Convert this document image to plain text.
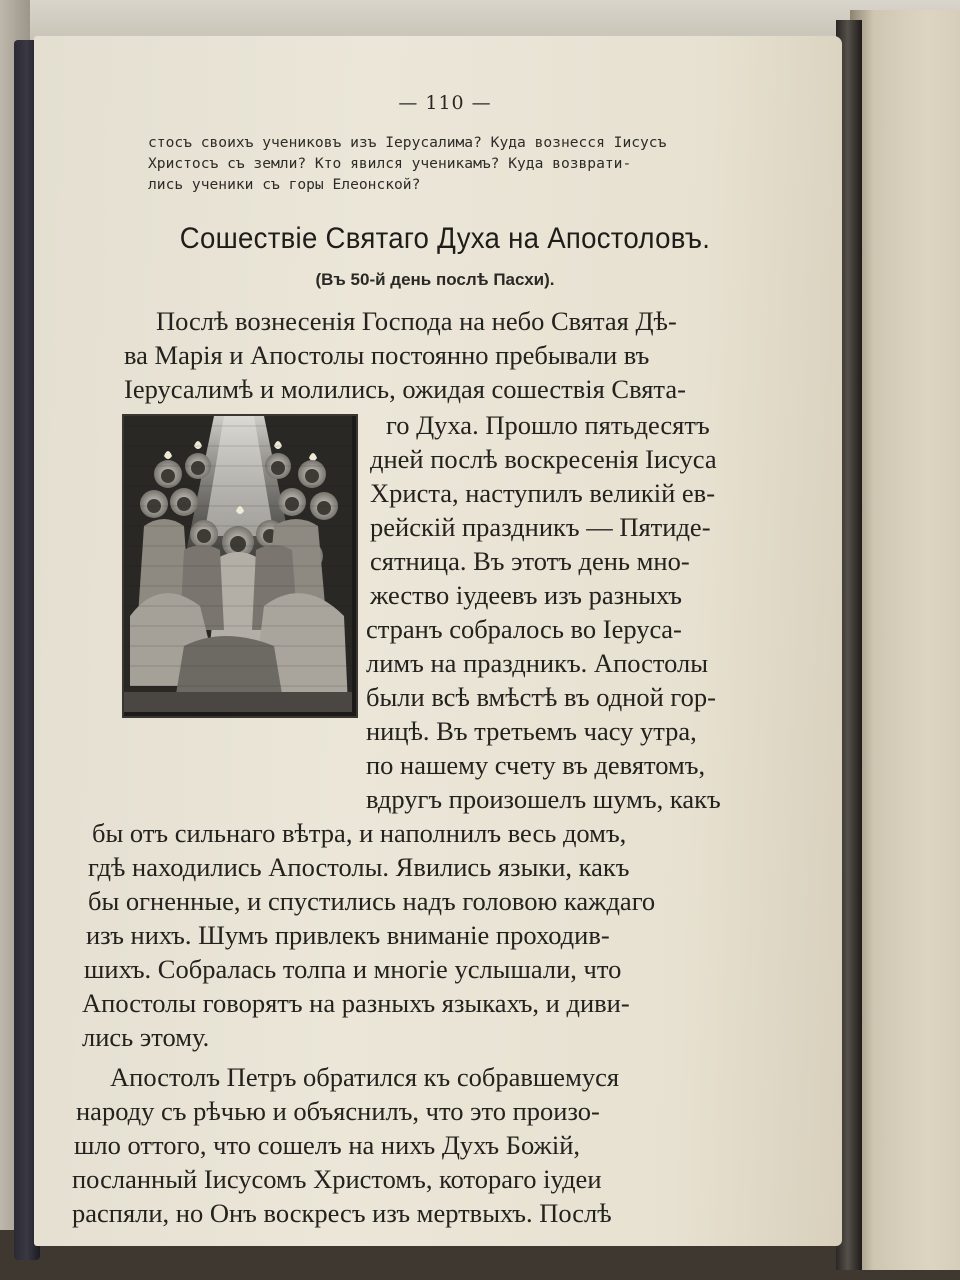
— 110 —
стосъ своихъ учениковъ изъ Іерусалима? Куда вознесся Іисусъ
Христосъ съ земли? Кто явился ученикамъ? Куда возврати-
лись ученики съ горы Елеонской?
Сошествіе Святаго Духа на Апостоловъ.
(Въ 50-й день послѣ Пасхи).
Послѣ вознесенія Господа на небо Святая Дѣ-
ва Марія и Апостолы постоянно пребывали въ
Іерусалимѣ и молились, ожидая сошествія Свята-
го Духа. Прошло пятьдесятъ
дней послѣ воскресенія Іисуса
Христа, наступилъ великій ев-
рейскій праздникъ — Пятиде-
сятница. Въ этотъ день мно-
жество іудеевъ изъ разныхъ
странъ собралось во Іерусa-
лимъ на праздникъ. Апостолы
были всѣ вмѣстѣ въ одной гор-
ницѣ. Въ третьемъ часу утра,
по нашему счету въ девятомъ,
вдругъ произошелъ шумъ, какъ
бы отъ сильнаго вѣтра, и наполнилъ весь домъ,
гдѣ находились Апостолы. Явились языки, какъ
бы огненные, и спустились надъ головою каждаго
изъ нихъ. Шумъ привлекъ вниманіе проходив-
шихъ. Собралась толпа и многіе услышали, что
Апостолы говорятъ на разныхъ языкахъ, и диви-
лись этому.
Апостолъ Петръ обратился къ собравшемуся
народу съ рѣчью и объяснилъ, что это произо-
шло оттого, что сошелъ на нихъ Духъ Божій,
посланный Іисусомъ Христомъ, котораго іудеи
распяли, но Онъ воскресъ изъ мертвыхъ. Послѣ
